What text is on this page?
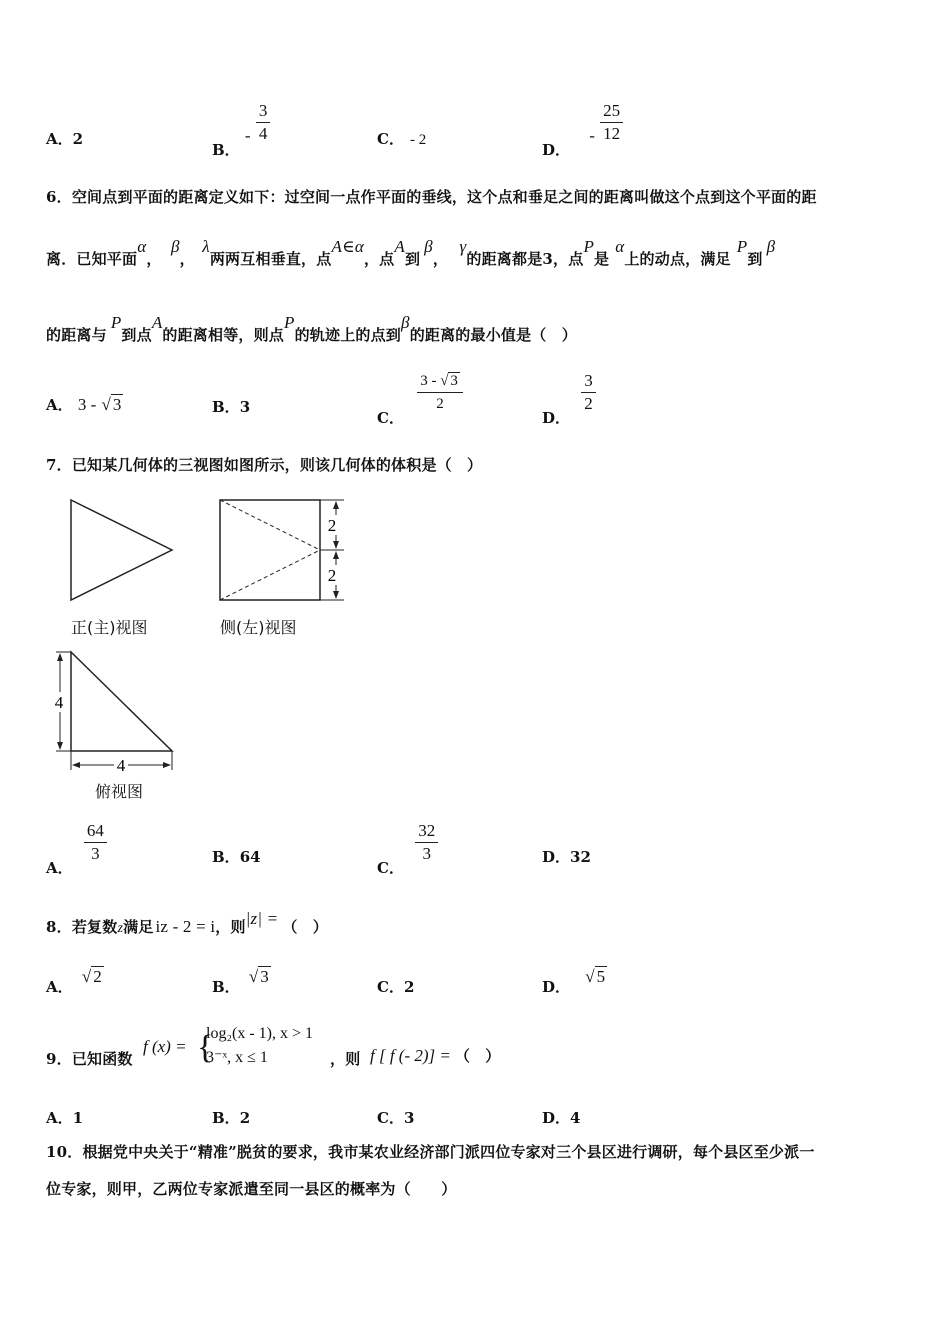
A．2
B． - $\frac{3}{4}$	C． - 2
D． - $\frac{25}{12}$
6．空间点到平面的距离定义如下：过空间一点作平面的垂线，这个点和垂足之间的距离叫做这个点到这个平面的距
离．已知平面α， β， λ两两互相垂直，点A∈α，点A到β， γ的距离都是3，点P是α上的动点，满足P到β
的距离与P到点A的距离相等，则点P的轨迹上的点到β的距离的最小值是（　）
A． 3 - √ 3	B．3
C．
$\frac{3 - √ 3}{2}$
D．
$\frac{3}{2}$
7．已知某几何体的三视图如图所示，则该几何体的体积是（　）
2
2
4
4
正(主)视图	侧(左)视图
俯视图
A．
$\frac{64}{3}$	B．64
C．
$\frac{32}{3}$	D．32
8．若复数z满足 iz - 2 = i，则|z| = （　）
A． √ 2
B． √ 3
C．2	D． √ 5
9．已知函数
f (x) = {
log₂(x - 1), x > 1
3⁻ˣ, x ≤ 1	，则 f [ f (- 2)] = （　）
A．1	B．2	C．3	D．4
10．根据党中央关于“精准”脱贫的要求，我市某农业经济部门派四位专家对三个县区进行调研，每个县区至少派一
位专家，则甲，乙两位专家派遣至同一县区的概率为（　　）
